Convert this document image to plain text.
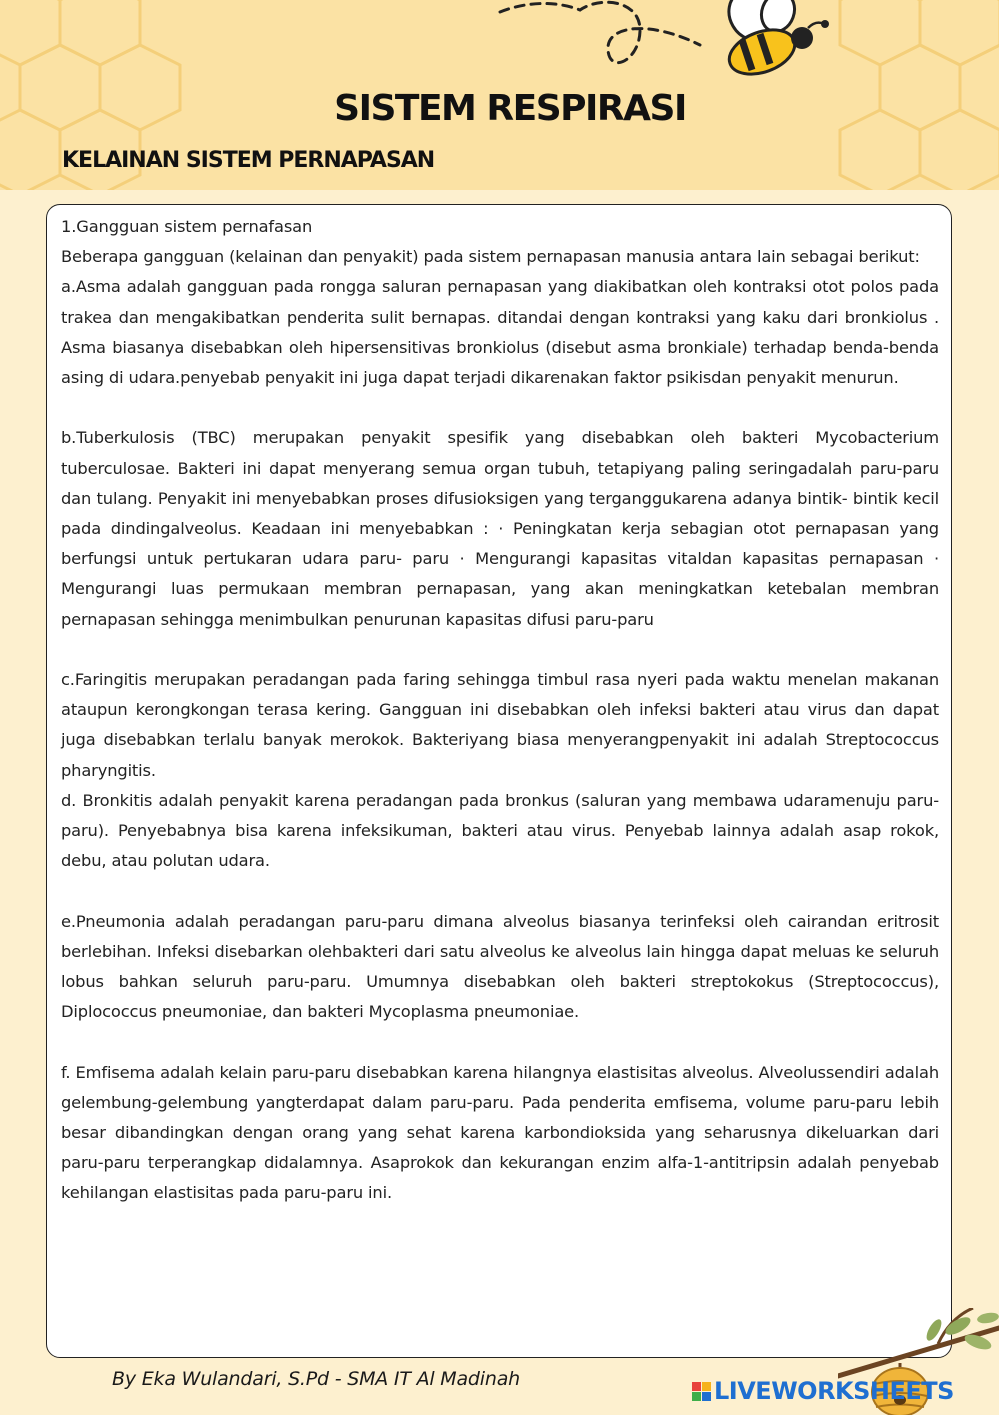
SISTEM RESPIRASI
KELAINAN SISTEM PERNAPASAN

1.Gangguan sistem pernafasan

Beberapa gangguan (kelainan dan penyakit) pada sistem pernapasan manusia antara lain sebagai berikut:

a.Asma adalah gangguan pada rongga saluran pernapasan yang diakibatkan oleh kontraksi otot polos pada trakea dan mengakibatkan penderita sulit bernapas. ditandai dengan kontraksi yang kaku dari bronkiolus . Asma biasanya disebabkan oleh hipersensitivas bronkiolus (disebut asma bronkiale) terhadap benda-benda asing di udara.penyebab penyakit ini juga dapat terjadi dikarenakan faktor psikisdan penyakit menurun.

b.Tuberkulosis (TBC) merupakan penyakit spesifik yang disebabkan oleh bakteri Mycobacterium tuberculosae. Bakteri ini dapat menyerang semua organ tubuh, tetapiyang paling seringadalah paru-paru dan tulang. Penyakit ini menyebabkan proses difusioksigen yang terganggukarena adanya bintik- bintik kecil pada dindingalveolus. Keadaan ini menyebabkan : · Peningkatan kerja sebagian otot pernapasan yang berfungsi untuk pertukaran udara paru- paru · Mengurangi kapasitas vitaldan kapasitas pernapasan · Mengurangi luas permukaan membran pernapasan, yang akan meningkatkan ketebalan membran pernapasan sehingga menimbulkan penurunan kapasitas difusi paru-paru

c.Faringitis merupakan peradangan pada faring sehingga timbul rasa nyeri pada waktu menelan makanan ataupun kerongkongan terasa kering. Gangguan ini disebabkan oleh infeksi bakteri atau virus dan dapat juga disebabkan terlalu banyak merokok. Bakteriyang biasa menyerangpenyakit ini adalah Streptococcus pharyngitis.

d. Bronkitis adalah penyakit karena peradangan pada bronkus (saluran yang membawa udaramenuju paru-paru). Penyebabnya bisa karena infeksikuman, bakteri atau virus. Penyebab lainnya adalah asap rokok, debu, atau polutan udara.

e.Pneumonia adalah peradangan paru-paru dimana alveolus biasanya terinfeksi oleh cairandan eritrosit berlebihan. Infeksi disebarkan olehbakteri dari satu alveolus ke alveolus lain hingga dapat meluas ke seluruh lobus bahkan seluruh paru-paru. Umumnya disebabkan oleh bakteri streptokokus (Streptococcus), Diplococcus pneumoniae, dan bakteri Mycoplasma pneumoniae.

f. Emfisema adalah kelain paru-paru disebabkan karena hilangnya elastisitas alveolus. Alveolussendiri adalah gelembung-gelembung yangterdapat dalam paru-paru. Pada penderita emfisema, volume paru-paru lebih besar dibandingkan dengan orang yang sehat karena karbondioksida yang seharusnya dikeluarkan dari paru-paru terperangkap didalamnya. Asaprokok dan kekurangan enzim alfa-1-antitripsin adalah penyebab kehilangan elastisitas pada paru-paru ini.

By Eka Wulandari, S.Pd - SMA IT Al Madinah	LIVEWORKSHEETS
